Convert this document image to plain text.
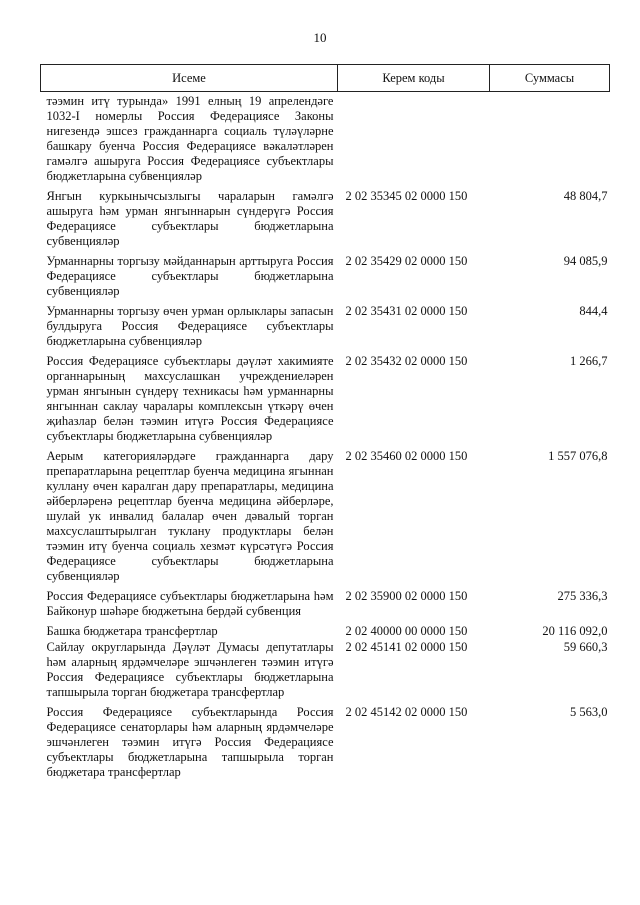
10
Исеме	Керем коды	Суммасы
тәэмин итү турында» 1991 елның 19 апрелендәге 1032-I номерлы Россия Федерациясе Законы нигезендә эшсез гражданнарга социаль түләүләрне башкару буенча Россия Федерациясе вәкаләтләрен гамәлгә ашыруга Россия Федерациясе субъектлары бюджетларына субвенцияләр		
Янгын куркынычсызлыгы чараларын гамәлгә ашыруга һәм урман янгыннарын сүндерүгә Россия Федерациясе субъектлары бюджетларына субвенцияләр	2 02 35345 02 0000 150	48 804,7
Урманнарны торгызу мәйданнарын арттыруга Россия Федерациясе субъектлары бюджетларына субвенцияләр	2 02 35429 02 0000 150	94 085,9
Урманнарны торгызу өчен урман орлыклары запасын булдыруга Россия Федерациясе субъектлары бюджетларына субвенцияләр	2 02 35431 02 0000 150	844,4
Россия Федерациясе субъектлары дәүләт хакимияте органнарының махсуслашкан учреждениеләрен урман янгынын сүндерү техникасы һәм урманнарны янгыннан саклау чаралары комплексын үткәрү өчен җиһазлар белән тәэмин итүгә Россия Федерациясе субъектлары бюджетларына субвенцияләр	2 02 35432 02 0000 150	1 266,7
Аерым категорияләрдәге гражданнарга дару препаратларына рецептлар буенча медицина ягыннан куллану өчен каралган дару препаратлары, медицина әйберләренә рецептлар буенча медицина әйберләре, шулай ук инвалид балалар өчен дәвалый торган махсуслаштырылган туклану продуктлары белән тәэмин итү буенча социаль хезмәт күрсәтүгә Россия Федерациясе субъектлары бюджетларына субвенцияләр	2 02 35460 02 0000 150	1 557 076,8
Россия Федерациясе субъектлары бюджетларына һәм Байконур шәһәре бюджетына бердәй субвенция	2 02 35900 02 0000 150	275 336,3
Башка бюджетара трансфертлар	2 02 40000 00 0000 150	20 116 092,0
Сайлау округларында Дәүләт Думасы депутатлары һәм аларның ярдәмчеләре эшчәнлеген тәэмин итүгә Россия Федерациясе субъектлары бюджетларына тапшырыла торган бюджетара трансфертлар	2 02 45141 02 0000 150	59 660,3
Россия Федерациясе субъектларында Россия Федерациясе сенаторлары һәм аларның ярдәмчеләре эшчәнлеген тәэмин итүгә Россия Федерациясе субъектлары бюджетларына тапшырыла торган бюджетара трансфертлар	2 02 45142 02 0000 150	5 563,0
